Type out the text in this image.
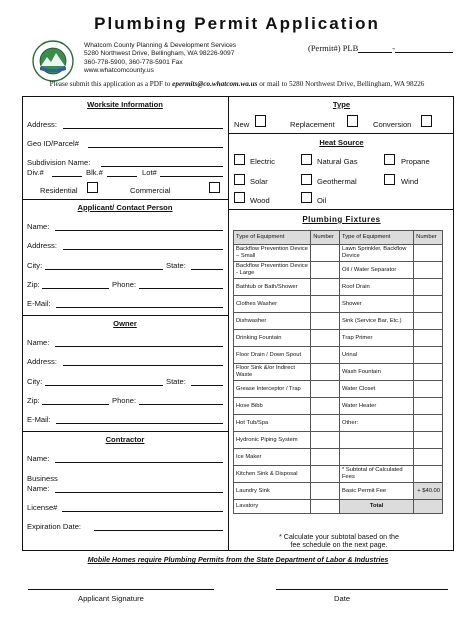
Plumbing Permit Application
Whatcom County Planning & Development Services
5280 Northwest Drive, Bellingham, WA 98226-9097
360-778-5900, 360-778-5901 Fax
www.whatcomcounty.us
(Permit#) PLB	-
Please submit this application as a PDF to epermits@co.whatcom.wa.us or mail to 5280 Northwest Drive, Bellingham, WA 98226
Worksite Information
Address:
Geo ID/Parcel#
Subdivision Name:
Div.#	Blk.#	Lot#
Residential	Commercial
Applicant/ Contact Person
Name:
Address:
City:	State:
Zip:	Phone:
E-Mail:
Owner
Name:
Address:
City:	State:
Zip:	Phone:
E-Mail:
Contractor
Name:
Business
Name:
License#
Expiration Date:
Type
New	Replacement	Conversion
Heat Source
Electric	Natural Gas	Propane
Solar	Geothermal	Wind
Wood	Oil
Plumbing Fixtures
Type of Equipment	Number	Type of Equipment	Number
Backflow Prevention Device – Small		Lawn Sprinkler, Backflow Device	
Backflow Prevention Device - Large		Oil / Water Separator	
Bathtub or Bath/Shower		Roof Drain	
Clothes Washer		Shower	
Dishwasher		Sink (Service Bar, Etc.)	
Drinking Fountain		Trap Primer	
Floor Drain / Down Spout		Urinal	
Floor Sink &/or Indirect Waste		Wash Fountain	
Grease Interceptor / Trap		Water Closet	
Hose Bibb		Water Heater	
Hot Tub/Spa		Other:	
Hydronic Piping System			
Ice Maker			
Kitchen Sink & Disposal		* Subtotal of Calculated Fees	
Laundry Sink		Basic Permit Fee	+ $40.00
Lavatory		Total	
* Calculate your subtotal based on the
fee schedule on the next page.
Mobile Homes require Plumbing Permits from the State Department of Labor & Industries
Applicant Signature	Date
